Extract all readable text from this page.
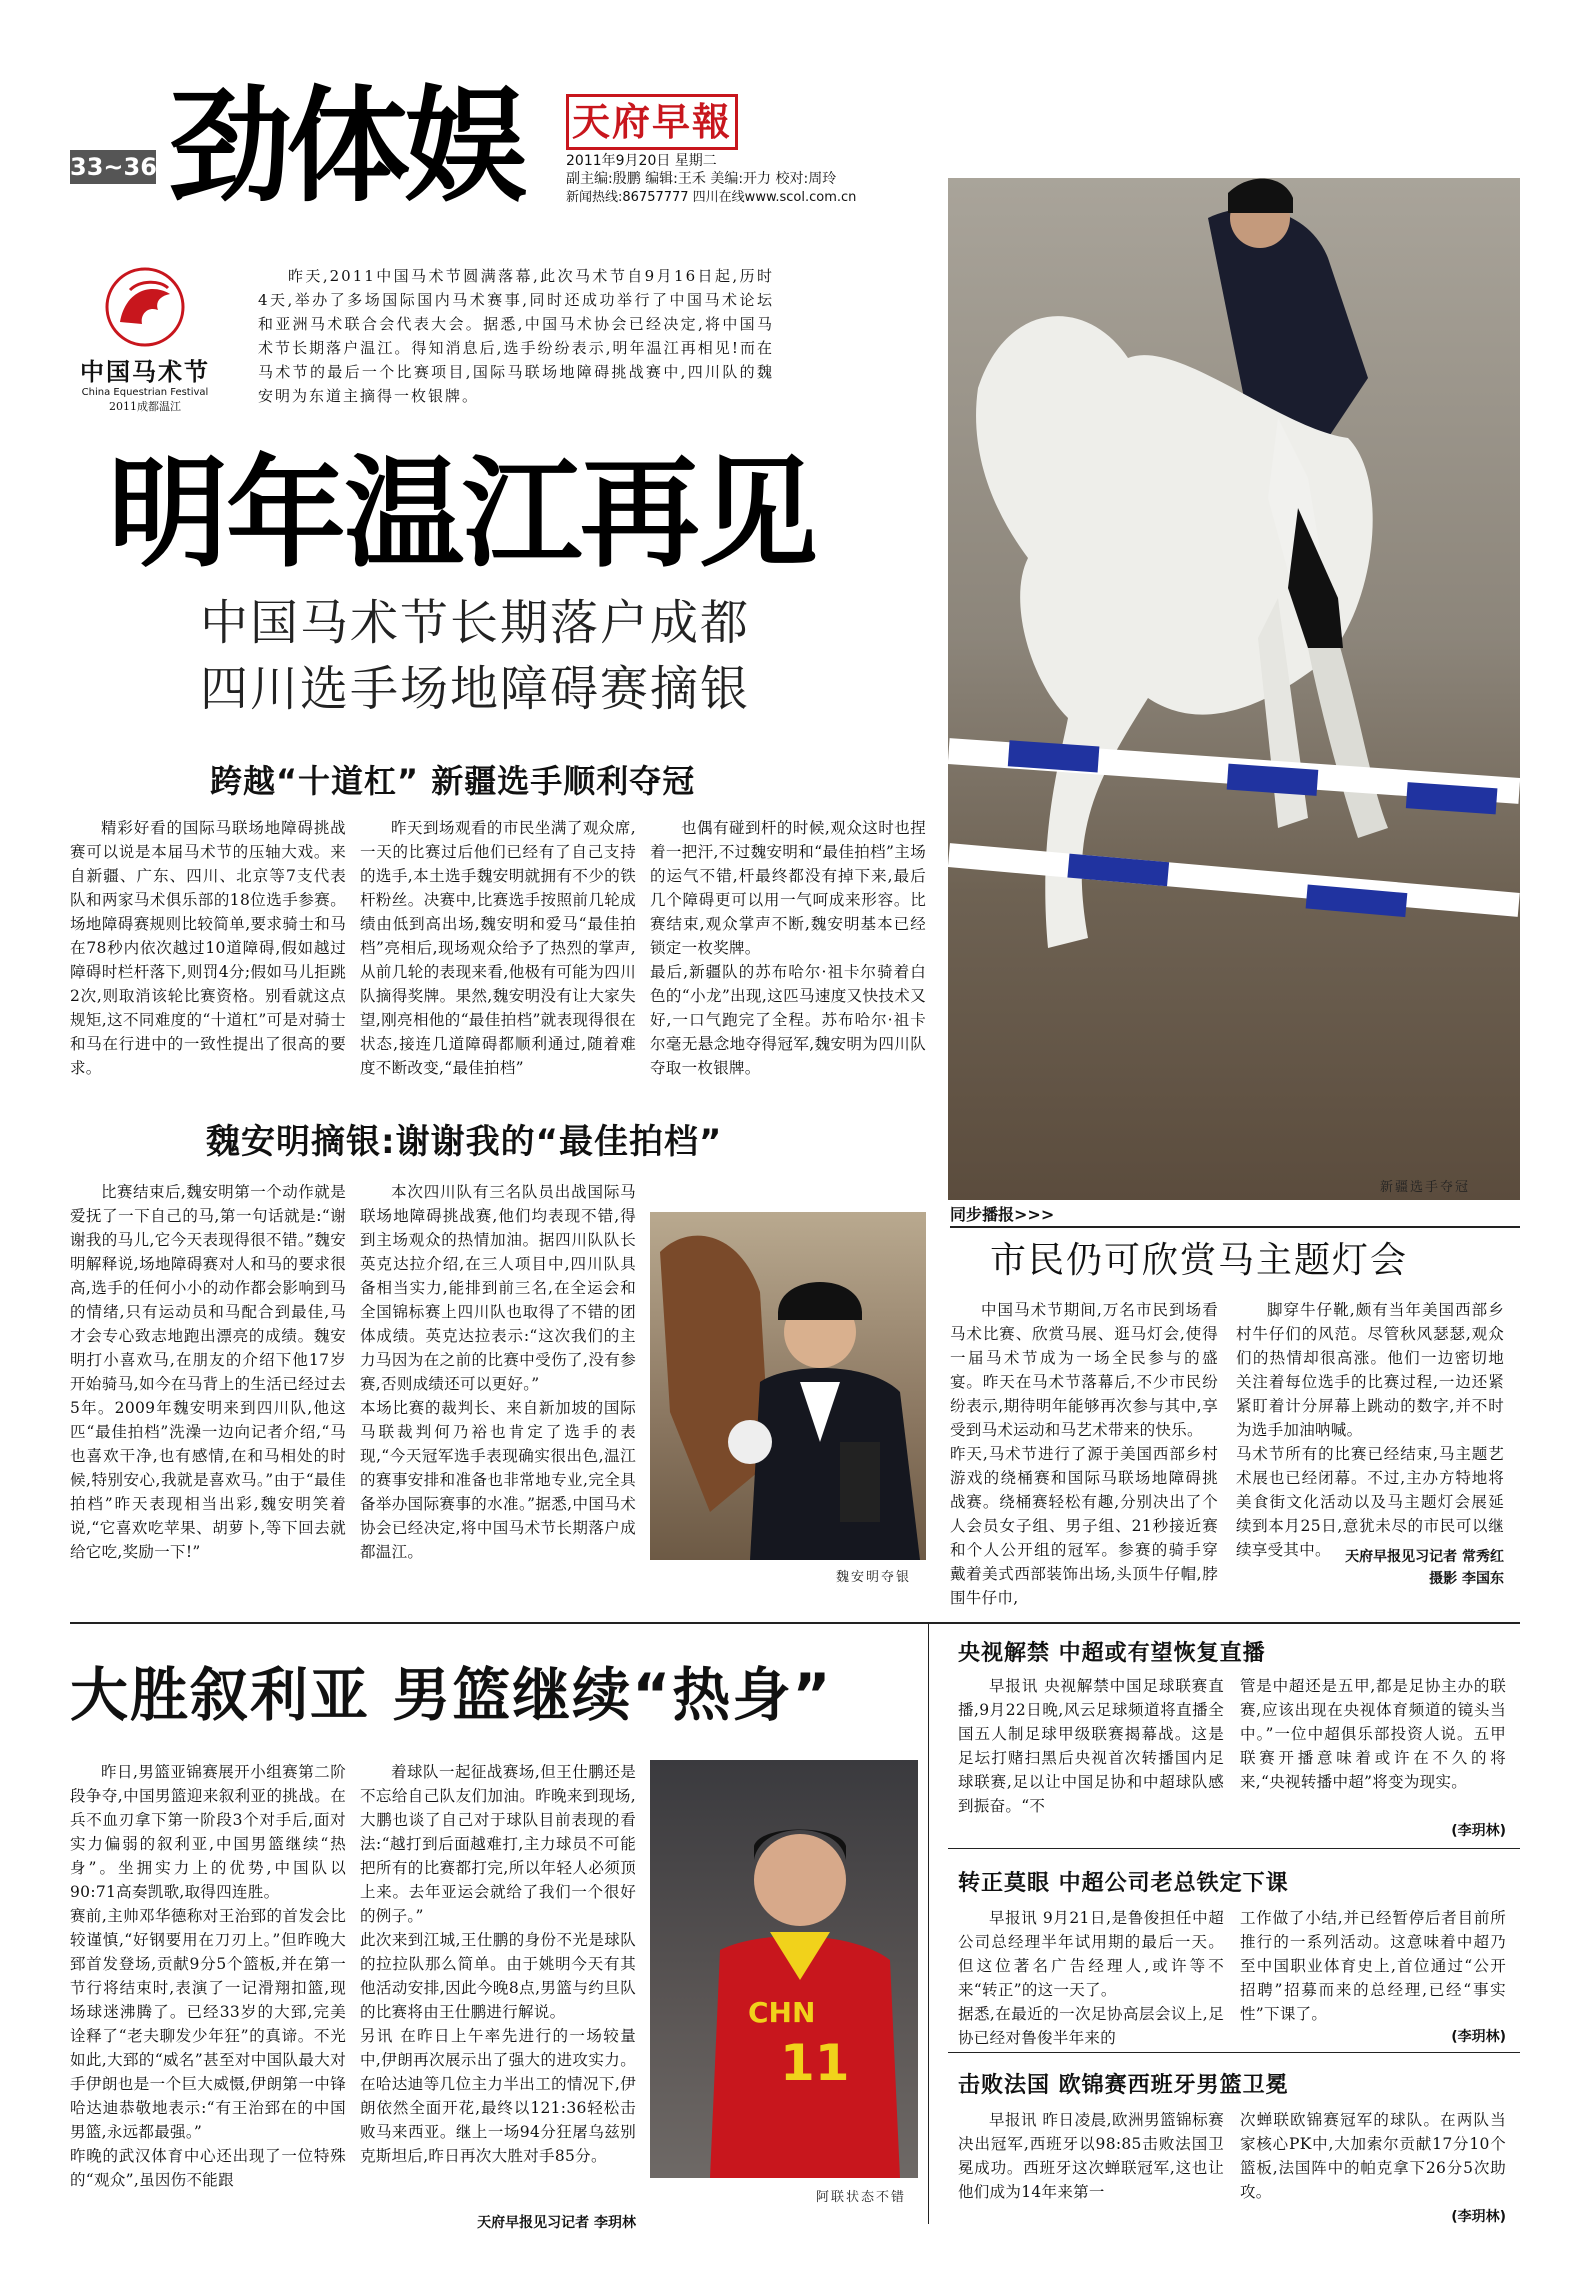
33~36 劲体娱 天府早報
2011年9月20日 星期二
副主编:殷鹏 编辑:王禾 美编:开力 校对:周玲
新闻热线:86757777 四川在线www.scol.com.cn
中国马术节
China Equestrian Festival
2011成都温江
昨天,2011中国马术节圆满落幕,此次马术节自9月16日起,历时4天,举办了多场国际国内马术赛事,同时还成功举行了中国马术论坛和亚洲马术联合会代表大会。据悉,中国马术协会已经决定,将中国马术节长期落户温江。得知消息后,选手纷纷表示,明年温江再相见!而在马术节的最后一个比赛项目,国际马联场地障碍挑战赛中,四川队的魏安明为东道主摘得一枚银牌。
新疆选手夺冠
明年温江再见
中国马术节长期落户成都
四川选手场地障碍赛摘银
跨越“十道杠” 新疆选手顺利夺冠
精彩好看的国际马联场地障碍挑战赛可以说是本届马术节的压轴大戏。来自新疆、广东、四川、北京等7支代表队和两家马术俱乐部的18位选手参赛。场地障碍赛规则比较简单,要求骑士和马在78秒内依次越过10道障碍,假如越过障碍时栏杆落下,则罚4分;假如马儿拒跳2次,则取消该轮比赛资格。别看就这点规矩,这不同难度的“十道杠”可是对骑士和马在行进中的一致性提出了很高的要求。
昨天到场观看的市民坐满了观众席,一天的比赛过后他们已经有了自己支持的选手,本土选手魏安明就拥有不少的铁杆粉丝。决赛中,比赛选手按照前几轮成绩由低到高出场,魏安明和爱马“最佳拍档”亮相后,现场观众给予了热烈的掌声,从前几轮的表现来看,他极有可能为四川队摘得奖牌。果然,魏安明没有让大家失望,刚亮相他的“最佳拍档”就表现得很在状态,接连几道障碍都顺利通过,随着难度不断改变,“最佳拍档”
也偶有碰到杆的时候,观众这时也捏着一把汗,不过魏安明和“最佳拍档”主场的运气不错,杆最终都没有掉下来,最后几个障碍更可以用一气呵成来形容。比赛结束,观众掌声不断,魏安明基本已经锁定一枚奖牌。
最后,新疆队的苏布哈尔·祖卡尔骑着白色的“小龙”出现,这匹马速度又快技术又好,一口气跑完了全程。苏布哈尔·祖卡尔毫无悬念地夺得冠军,魏安明为四川队夺取一枚银牌。
魏安明摘银:谢谢我的“最佳拍档”
比赛结束后,魏安明第一个动作就是爱抚了一下自己的马,第一句话就是:“谢谢我的马儿,它今天表现得很不错。”魏安明解释说,场地障碍赛对人和马的要求很高,选手的任何小小的动作都会影响到马的情绪,只有运动员和马配合到最佳,马才会专心致志地跑出漂亮的成绩。魏安明打小喜欢马,在朋友的介绍下他17岁开始骑马,如今在马背上的生活已经过去5年。2009年魏安明来到四川队,他这匹“最佳拍档”洗澡一边向记者介绍,“马也喜欢干净,也有感情,在和马相处的时候,特别安心,我就是喜欢马。”由于“最佳拍档”昨天表现相当出彩,魏安明笑着说,“它喜欢吃苹果、胡萝卜,等下回去就给它吃,奖励一下!”
本次四川队有三名队员出战国际马联场地障碍挑战赛,他们均表现不错,得到主场观众的热情加油。据四川队队长英克达拉介绍,在三人项目中,四川队具备相当实力,能排到前三名,在全运会和全国锦标赛上四川队也取得了不错的团体成绩。英克达拉表示:“这次我们的主力马因为在之前的比赛中受伤了,没有参赛,否则成绩还可以更好。”
本场比赛的裁判长、来自新加坡的国际马联裁判何乃裕也肯定了选手的表现,“今天冠军选手表现确实很出色,温江的赛事安排和准备也非常地专业,完全具备举办国际赛事的水准。”据悉,中国马术协会已经决定,将中国马术节长期落户成都温江。
魏安明夺银
同步播报>>>
市民仍可欣赏马主题灯会
中国马术节期间,万名市民到场看马术比赛、欣赏马展、逛马灯会,使得一届马术节成为一场全民参与的盛宴。昨天在马术节落幕后,不少市民纷纷表示,期待明年能够再次参与其中,享受到马术运动和马艺术带来的快乐。
昨天,马术节进行了源于美国西部乡村游戏的绕桶赛和国际马联场地障碍挑战赛。绕桶赛轻松有趣,分别决出了个人会员女子组、男子组、21秒接近赛和个人公开组的冠军。参赛的骑手穿戴着美式西部装饰出场,头顶牛仔帽,脖围牛仔巾,
脚穿牛仔靴,颇有当年美国西部乡村牛仔们的风范。尽管秋风瑟瑟,观众们的热情却很高涨。他们一边密切地关注着每位选手的比赛过程,一边还紧紧盯着计分屏幕上跳动的数字,并不时为选手加油呐喊。
马术节所有的比赛已经结束,马主题艺术展也已经闭幕。不过,主办方特地将美食街文化活动以及马主题灯会展延续到本月25日,意犹未尽的市民可以继续享受其中。	天府早报见习记者 常秀红
摄影 李国东
大胜叙利亚 男篮继续“热身”
昨日,男篮亚锦赛展开小组赛第二阶段争夺,中国男篮迎来叙利亚的挑战。在兵不血刃拿下第一阶段3个对手后,面对实力偏弱的叙利亚,中国男篮继续“热身”。坐拥实力上的优势,中国队以90:71高奏凯歌,取得四连胜。
赛前,主帅邓华德称对王治郅的首发会比较谨慎,“好钢要用在刀刃上。”但昨晚大郅首发登场,贡献9分5个篮板,并在第一节行将结束时,表演了一记滑翔扣篮,现场球迷沸腾了。已经33岁的大郅,完美诠释了“老夫聊发少年狂”的真谛。不光如此,大郅的“威名”甚至对中国队最大对手伊朗也是一个巨大威慑,伊朗第一中锋哈达迪恭敬地表示:“有王治郅在的中国男篮,永远都最强。”
昨晚的武汉体育中心还出现了一位特殊的“观众”,虽因伤不能跟
着球队一起征战赛场,但王仕鹏还是不忘给自己队友们加油。昨晚来到现场,大鹏也谈了自己对于球队目前表现的看法:“越打到后面越难打,主力球员不可能把所有的比赛都打完,所以年轻人必须顶上来。去年亚运会就给了我们一个很好的例子。”
此次来到江城,王仕鹏的身份不光是球队的拉拉队那么简单。由于姚明今天有其他活动安排,因此今晚8点,男篮与约旦队的比赛将由王仕鹏进行解说。
另讯 在昨日上午率先进行的一场较量中,伊朗再次展示出了强大的进攻实力。在哈达迪等几位主力半出工的情况下,伊朗依然全面开花,最终以121:36轻松击败马来西亚。继上一场94分狂屠乌兹别克斯坦后,昨日再次大胜对手85分。
天府早报见习记者 李玥林
CHN
11
阿联状态不错
央视解禁 中超或有望恢复直播
早报讯 央视解禁中国足球联赛直播,9月22日晚,风云足球频道将直播全国五人制足球甲级联赛揭幕战。这是足坛打赌扫黑后央视首次转播国内足球联赛,足以让中国足协和中超球队感到振奋。“不
管是中超还是五甲,都是足协主办的联赛,应该出现在央视体育频道的镜头当中。”一位中超俱乐部投资人说。五甲联赛开播意味着或许在不久的将来,“央视转播中超”将变为现实。
(李玥林)
转正莫眼 中超公司老总铁定下课
早报讯 9月21日,是鲁俊担任中超公司总经理半年试用期的最后一天。但这位著名广告经理人,或许等不来“转正”的这一天了。
据悉,在最近的一次足协高层会议上,足协已经对鲁俊半年来的
工作做了小结,并已经暂停后者目前所推行的一系列活动。这意味着中超乃至中国职业体育史上,首位通过“公开招聘”招募而来的总经理,已经“事实性”下课了。
(李玥林)
击败法国 欧锦赛西班牙男篮卫冕
早报讯 昨日凌晨,欧洲男篮锦标赛决出冠军,西班牙以98:85击败法国卫冕成功。西班牙这次蝉联冠军,这也让他们成为14年来第一
次蝉联欧锦赛冠军的球队。在两队当家核心PK中,大加索尔贡献17分10个篮板,法国阵中的帕克拿下26分5次助攻。
(李玥林)
